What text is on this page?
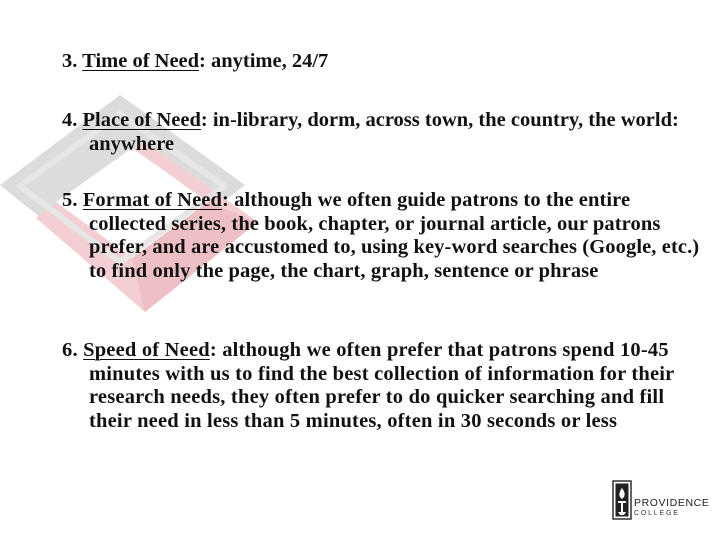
3. Time of Need: anytime, 24/7

4. Place of Need: in-library, dorm, across town, the country, the world:  anywhere

5. Format of Need: although we often guide patrons to the entire collected series, the book, chapter, or journal article, our patrons prefer, and are accustomed to, using key-word searches (Google, etc.) to find only the page, the chart, graph, sentence or phrase

6. Speed of Need: although we often prefer that patrons spend 10-45 minutes with us to find the best collection of information for their research needs, they often prefer to do quicker searching and fill their need in less than 5 minutes, often in 30 seconds or less

PROVIDENCE
COLLEGE
